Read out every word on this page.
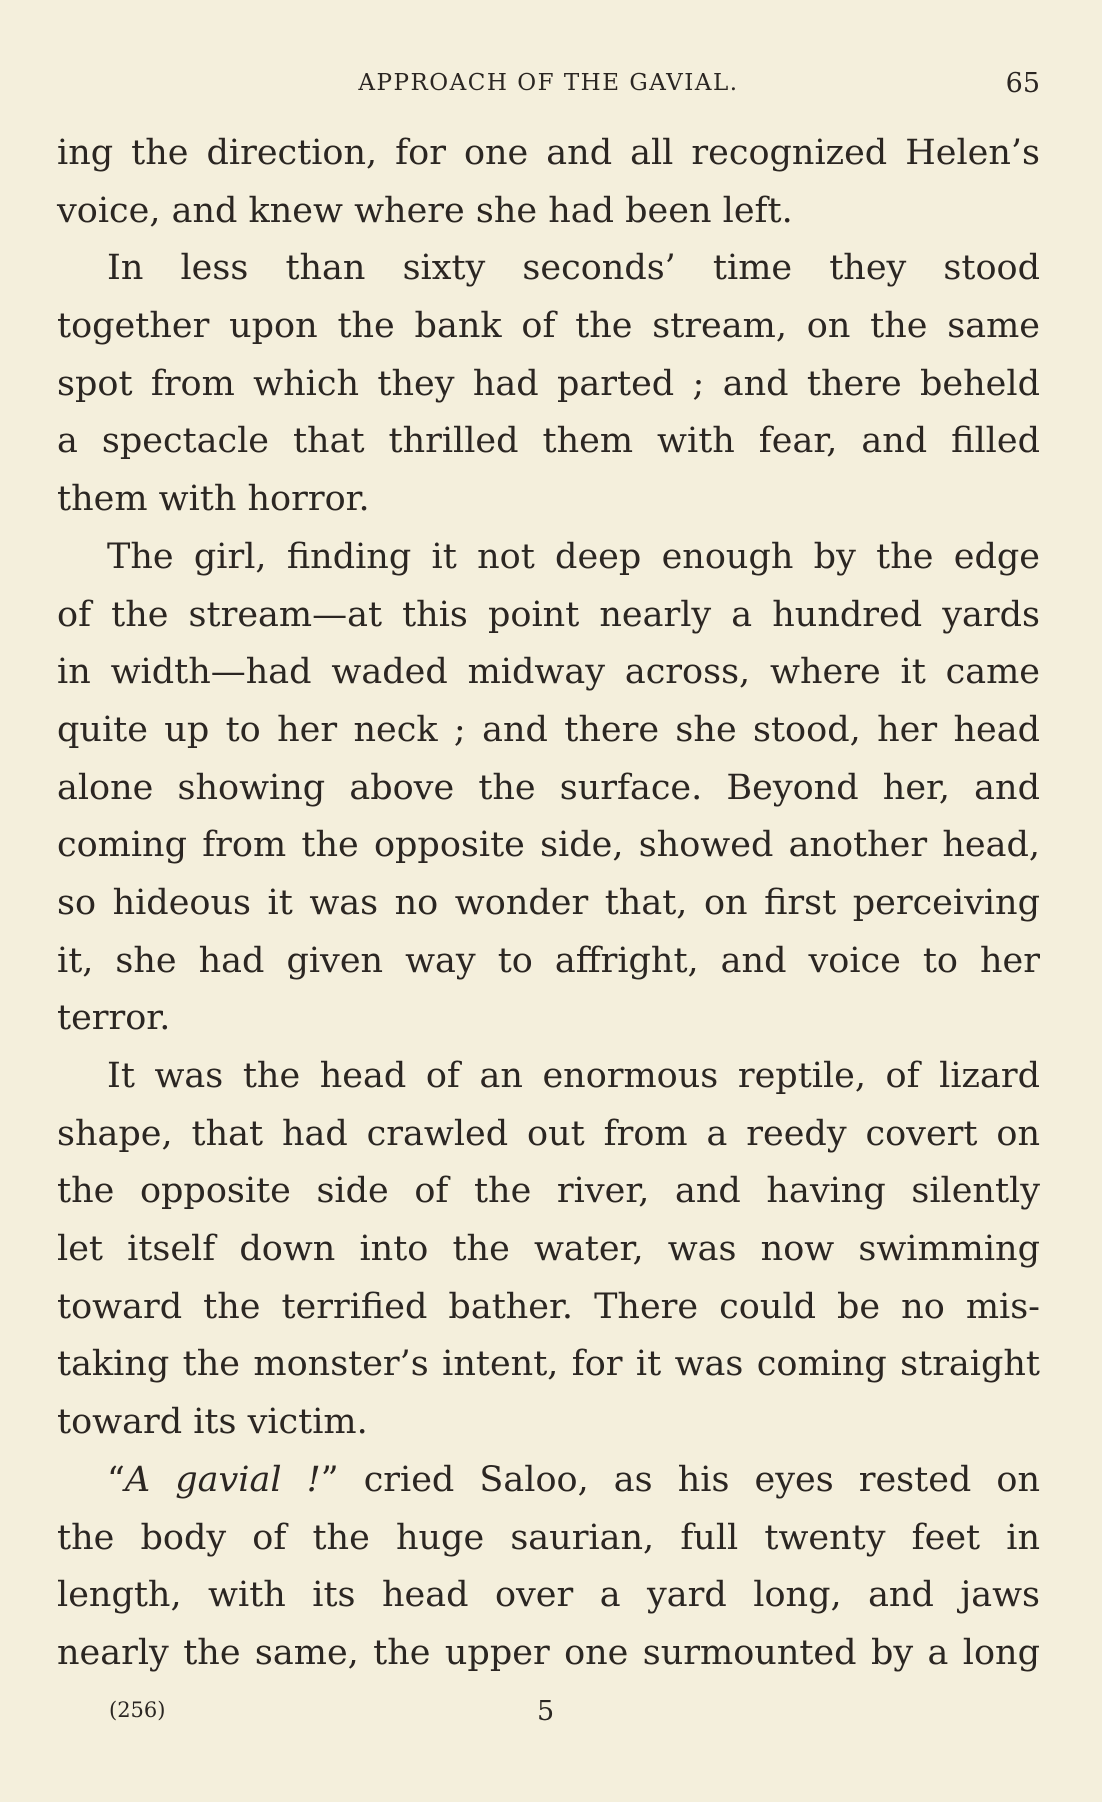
APPROACH OF THE GAVIAL.	65
ing the direction, for one and all recognized Helen’s
voice, and knew where she had been left.
In less than sixty seconds’ time they stood
together upon the bank of the stream, on the same
spot from which they had parted ; and there beheld
a spectacle that thrilled them with fear, and filled
them with horror.
The girl, finding it not deep enough by the edge
of the stream—at this point nearly a hundred yards
in width—had waded midway across, where it came
quite up to her neck ; and there she stood, her head
alone showing above the surface. Beyond her, and
coming from the opposite side, showed another head,
so hideous it was no wonder that, on first perceiving
it, she had given way to affright, and voice to her
terror.
It was the head of an enormous reptile, of lizard
shape, that had crawled out from a reedy covert on
the opposite side of the river, and having silently
let itself down into the water, was now swimming
toward the terrified bather. There could be no mis-
taking the monster’s intent, for it was coming straight
toward its victim.
“A gavial !” cried Saloo, as his eyes rested on
the body of the huge saurian, full twenty feet in
length, with its head over a yard long, and jaws
nearly the same, the upper one surmounted by a long
(256)	5
